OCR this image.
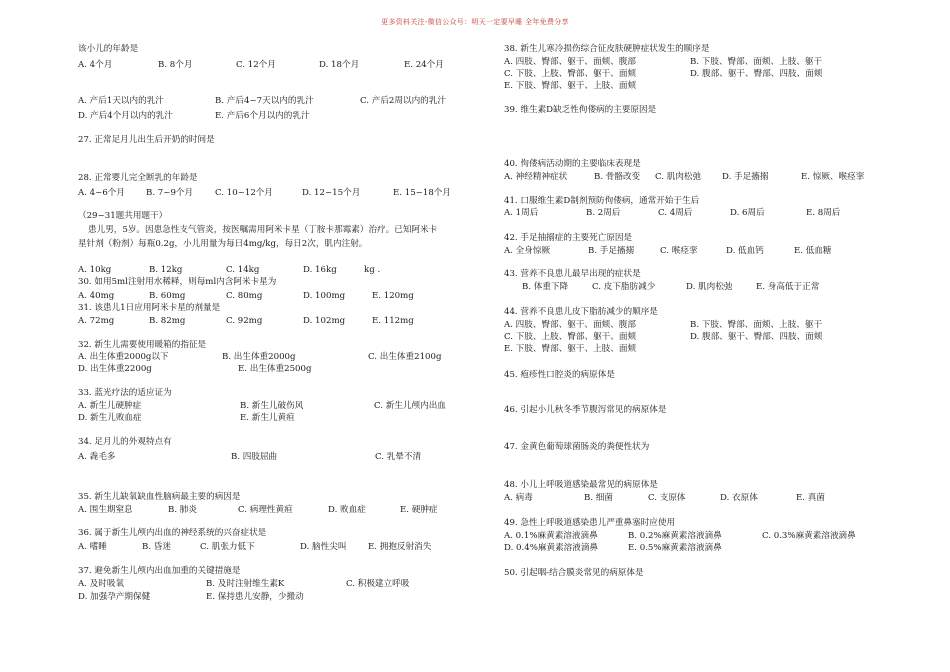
更多资料关注-微信公众号：明天一定要早睡 全年免费分享
该小儿的年龄是
A. 4个月	B. 8个月	C. 12个月	D. 18个月	E. 24个月
A. 产后1天以内的乳汁	B. 产后4~7天以内的乳汁	C. 产后2周以内的乳汁
D. 产后4个月以内的乳汁	E. 产后6个月以内的乳汁
27. 正常足月儿出生后开奶的时间是
28. 正常婴儿完全断乳的年龄是
A. 4~6个月 B. 7~9个月	C. 10~12个月	D. 12~15个月	E. 15~18个月
（29~31题共用题干）
患儿男，5岁。因患急性支气管炎，按医嘱需用阿米卡星（丁胺卡那霉素）治疗。已知阿米卡
星针剂（粉剂）每瓶0.2g，小儿用量为每日4mg/kg，每日2次，肌内注射。
A. 10kg	B. 12kg	C. 14kg	D. 16kg	kg .
30. 如用5ml注射用水稀释，则每ml内含阿米卡星为
A. 40mg	B. 60mg	C. 80mg	D. 100mg	E. 120mg
31. 该患儿1日应用阿米卡星的剂量是
A. 72mg	B. 82mg	C. 92mg	D. 102mg	E. 112mg
32. 新生儿需要使用暖箱的指征是
A. 出生体重2000g以下	B. 出生体重2000g	C. 出生体重2100g
D. 出生体重2200g	E. 出生体重2500g
33. 蓝光疗法的适应证为
A. 新生儿硬肿症	B. 新生儿破伤风	C. 新生儿颅内出血
D. 新生儿败血症	E. 新生儿黄疸
34. 足月儿的外观特点有
A. 毳毛多	B. 四肢屈曲	C. 乳晕不清
35. 新生儿缺氧缺血性脑病最主要的病因是
A. 围生期窒息	B. 肺炎	C. 病理性黄疸	D. 败血症	E. 硬肿症
36. 属于新生儿颅内出血的神经系统的兴奋症状是
A. 嗜睡	B. 昏迷	C. 肌张力低下	D. 脑性尖叫	E. 拥抱反射消失
37. 避免新生儿颅内出血加重的关键措施是
A. 及时吸氧	B. 及时注射维生素K	C. 积极建立呼吸
D. 加强孕产期保健	E. 保持患儿安静，少搬动
38. 新生儿寒冷损伤综合征皮肤硬肿症状发生的顺序是
A. 四肢、臀部、躯干、面颊、腹部	B. 下肢、臀部、面颊、上肢、躯干
C. 下肢、上肢、臀部、躯干、面颊	D. 腹部、躯干、臀部、四肢、面颊
E. 下肢、臀部、躯干、上肢、面颊
39. 维生素D缺乏性佝偻病的主要原因是
40. 佝偻病活动期的主要临床表现是
A. 神经精神症状	B. 骨骼改变 C. 肌肉松弛 D. 手足搐搦	E. 惊厥、喉痉挛
41. 口服维生素D制剂预防佝偻病，通常开始于生后
A. 1周后	B. 2周后	C. 4周后	D. 6周后	E. 8周后
42. 手足抽搦症的主要死亡原因是
A. 全身惊厥	B. 手足搐搦	C. 喉痉挛	D. 低血钙	E. 低血糖
43. 营养不良患儿最早出现的症状是
B. 体重下降	C. 皮下脂肪减少	D. 肌肉松弛	E. 身高低于正常
44. 营养不良患儿皮下脂肪减少的顺序是
A. 四肢、臀部、躯干、面颊、腹部	B. 下肢、臀部、面颊、上肢、躯干
C. 下肢、上肢、臀部、躯干、面颊	D. 腹部、躯干、臀部、四肢、面颊
E. 下肢、臀部、躯干、上肢、面颊
45. 疱疹性口腔炎的病原体是
46. 引起小儿秋冬季节腹泻常见的病原体是
47. 金黄色葡萄球菌肠炎的粪便性状为
48. 小儿上呼吸道感染最常见的病原体是
A. 病毒	B. 细菌	C. 支原体	D. 衣原体	E. 真菌
49. 急性上呼吸道感染患儿严重鼻塞时应使用
A. 0.1%麻黄素溶液滴鼻	B. 0.2%麻黄素溶液滴鼻	C. 0.3%麻黄素溶液滴鼻
D. 0.4%麻黄素溶液滴鼻	E. 0.5%麻黄素溶液滴鼻
50. 引起咽-结合膜炎常见的病原体是
